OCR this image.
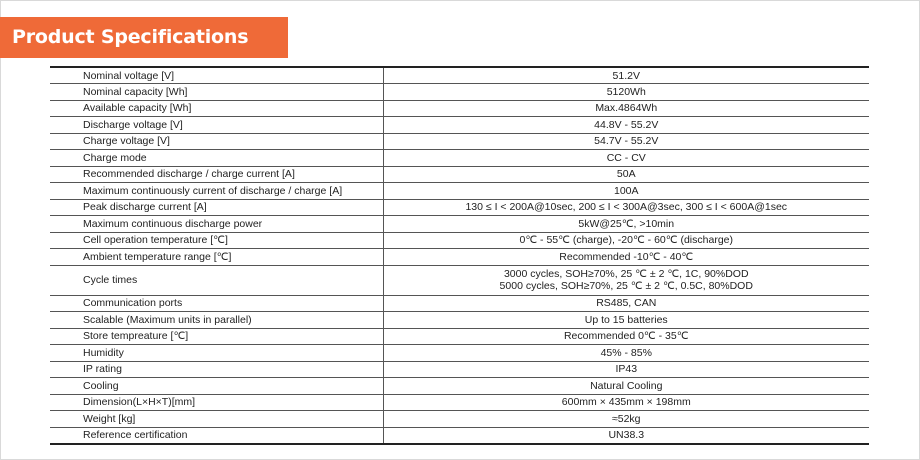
Product Specifications
Nominal voltage [V]	51.2V

Nominal capacity [Wh]	5120Wh

Available capacity [Wh]	Max.4864Wh

Discharge voltage [V]	44.8V - 55.2V

Charge voltage [V]	54.7V - 55.2V

Charge mode	CC - CV

Recommended discharge / charge current [A]	50A

Maximum continuously current of discharge / charge [A]	100A

Peak discharge current [A]	130 ≤ I < 200A@10sec, 200 ≤ I < 300A@3sec, 300 ≤ I < 600A@1sec

Maximum continuous discharge power	5kW@25℃, >10min

Cell operation temperature [℃]	0℃ - 55℃ (charge), -20℃ - 60℃ (discharge)

Ambient temperature range [℃]	Recommended -10℃ - 40℃

Cycle times	3000 cycles, SOH≥70%, 25 ℃ ± 2 ℃, 1C, 90%DOD
5000 cycles, SOH≥70%, 25 ℃ ± 2 ℃, 0.5C, 80%DOD

Communication ports	RS485, CAN

Scalable (Maximum units in parallel)	Up to 15 batteries

Store tempreature [℃]	Recommended 0℃ - 35℃

Humidity	45% - 85%

IP rating	IP43

Cooling	Natural Cooling

Dimension(L×H×T)[mm]	600mm × 435mm × 198mm

Weight [kg]	≈52kg

Reference certification	UN38.3
